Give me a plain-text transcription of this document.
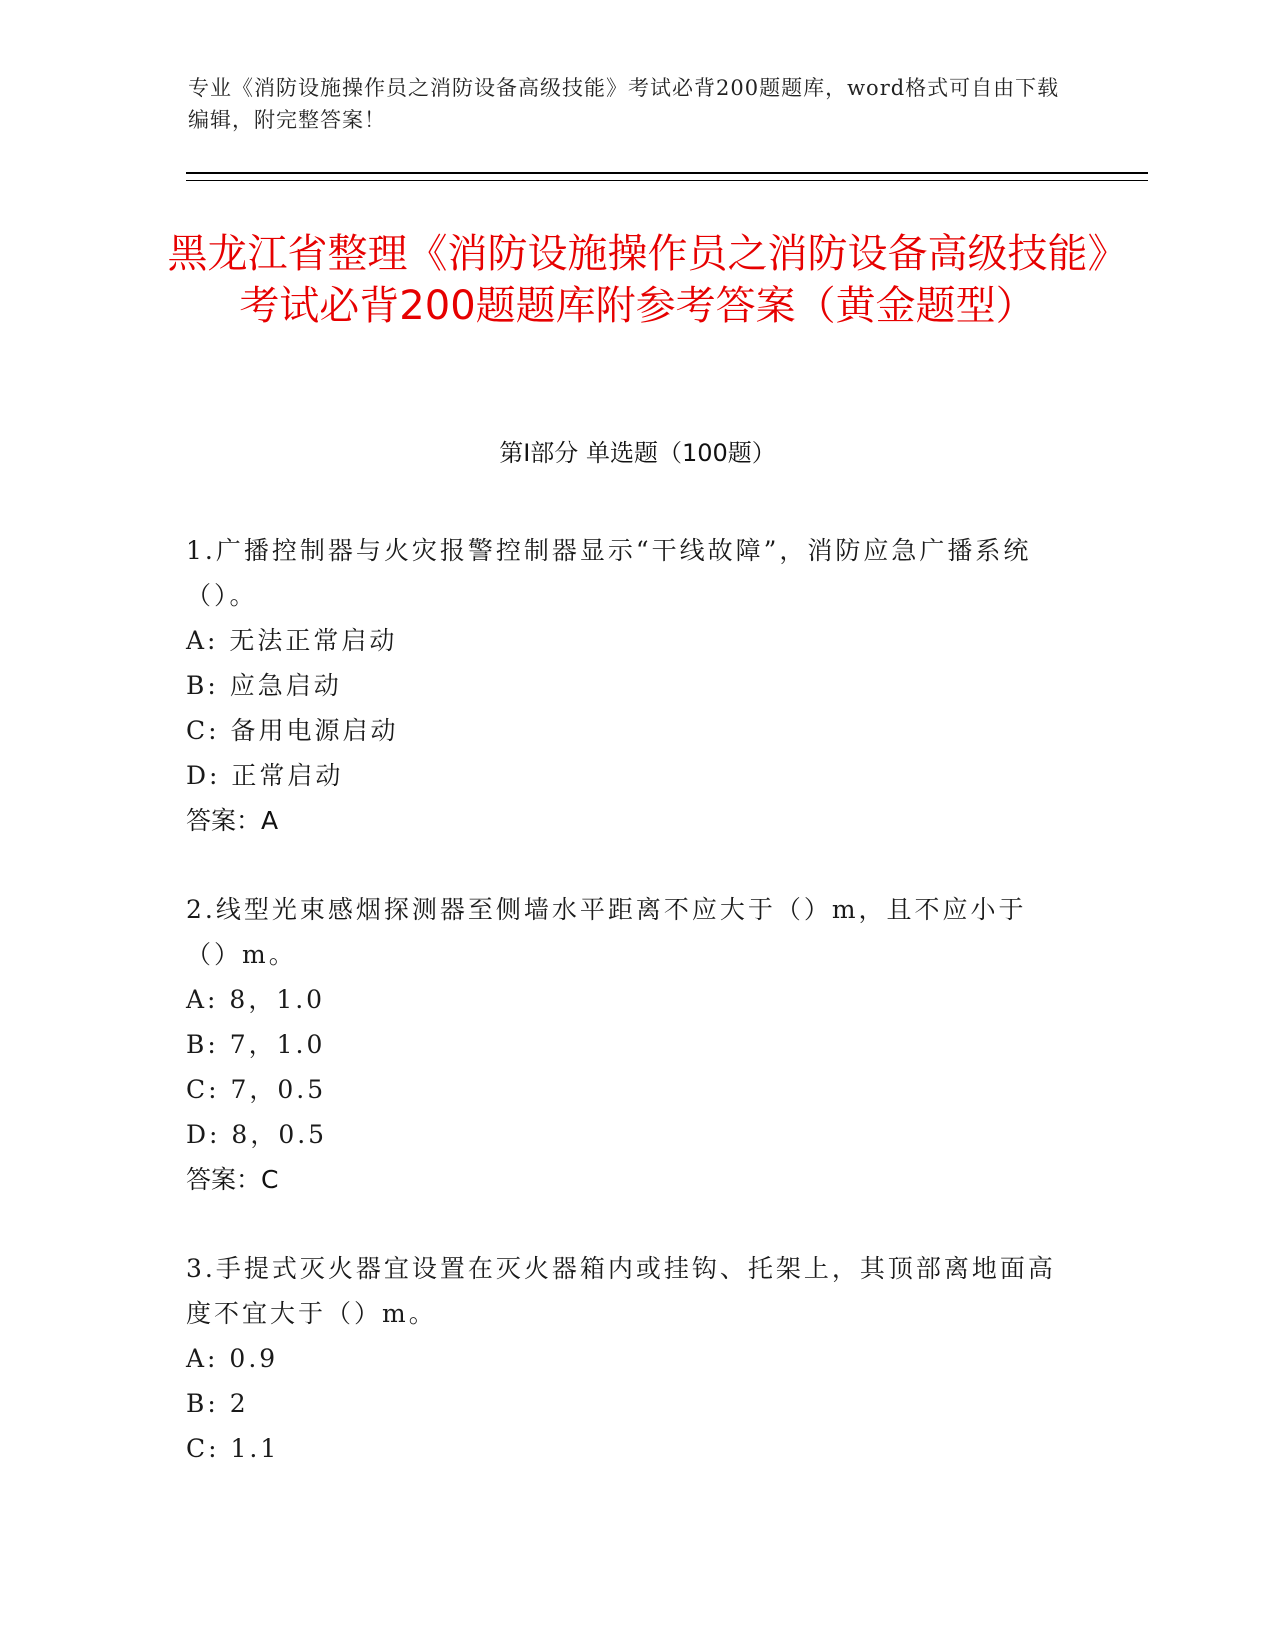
专业《消防设施操作员之消防设备高级技能》考试必背200题题库，word格式可自由下载编辑，附完整答案！
黑龙江省整理《消防设施操作员之消防设备高级技能》考试必背200题题库附参考答案（黄金题型）
第I部分 单选题（100题）

1.广播控制器与火灾报警控制器显示“干线故障”，消防应急广播系统（）。

A: 无法正常启动

B: 应急启动

C: 备用电源启动

D: 正常启动

答案：A

2.线型光束感烟探测器至侧墙水平距离不应大于（）m，且不应小于（）m。

A: 8，1.0

B: 7，1.0

C: 7，0.5

D: 8，0.5

答案：C

3.手提式灭火器宜设置在灭火器箱内或挂钩、托架上，其顶部离地面高度不宜大于（）m。

A: 0.9

B: 2

C: 1.1
